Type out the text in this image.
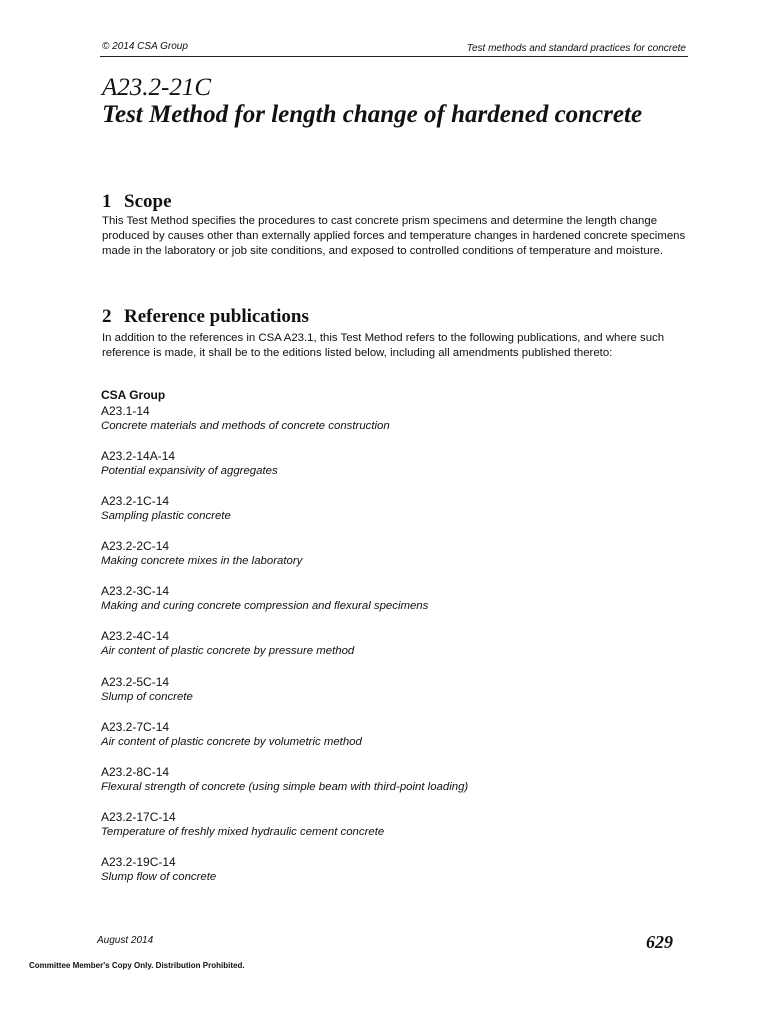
© 2014 CSA Group	Test methods and standard practices for concrete
A23.2-21C
Test Method for length change of hardened concrete
1 Scope
This Test Method specifies the procedures to cast concrete prism specimens and determine the length change produced by causes other than externally applied forces and temperature changes in hardened concrete specimens made in the laboratory or job site conditions, and exposed to controlled conditions of temperature and moisture.
2 Reference publications
In addition to the references in CSA A23.1, this Test Method refers to the following publications, and where such reference is made, it shall be to the editions listed below, including all amendments published thereto:
CSA Group
A23.1-14
Concrete materials and methods of concrete construction
A23.2-14A-14
Potential expansivity of aggregates
A23.2-1C-14
Sampling plastic concrete
A23.2-2C-14
Making concrete mixes in the laboratory
A23.2-3C-14
Making and curing concrete compression and flexural specimens
A23.2-4C-14
Air content of plastic concrete by pressure method
A23.2-5C-14
Slump of concrete
A23.2-7C-14
Air content of plastic concrete by volumetric method
A23.2-8C-14
Flexural strength of concrete (using simple beam with third-point loading)
A23.2-17C-14
Temperature of freshly mixed hydraulic cement concrete
A23.2-19C-14
Slump flow of concrete
August 2014	629
Committee Member's Copy Only. Distribution Prohibited.
